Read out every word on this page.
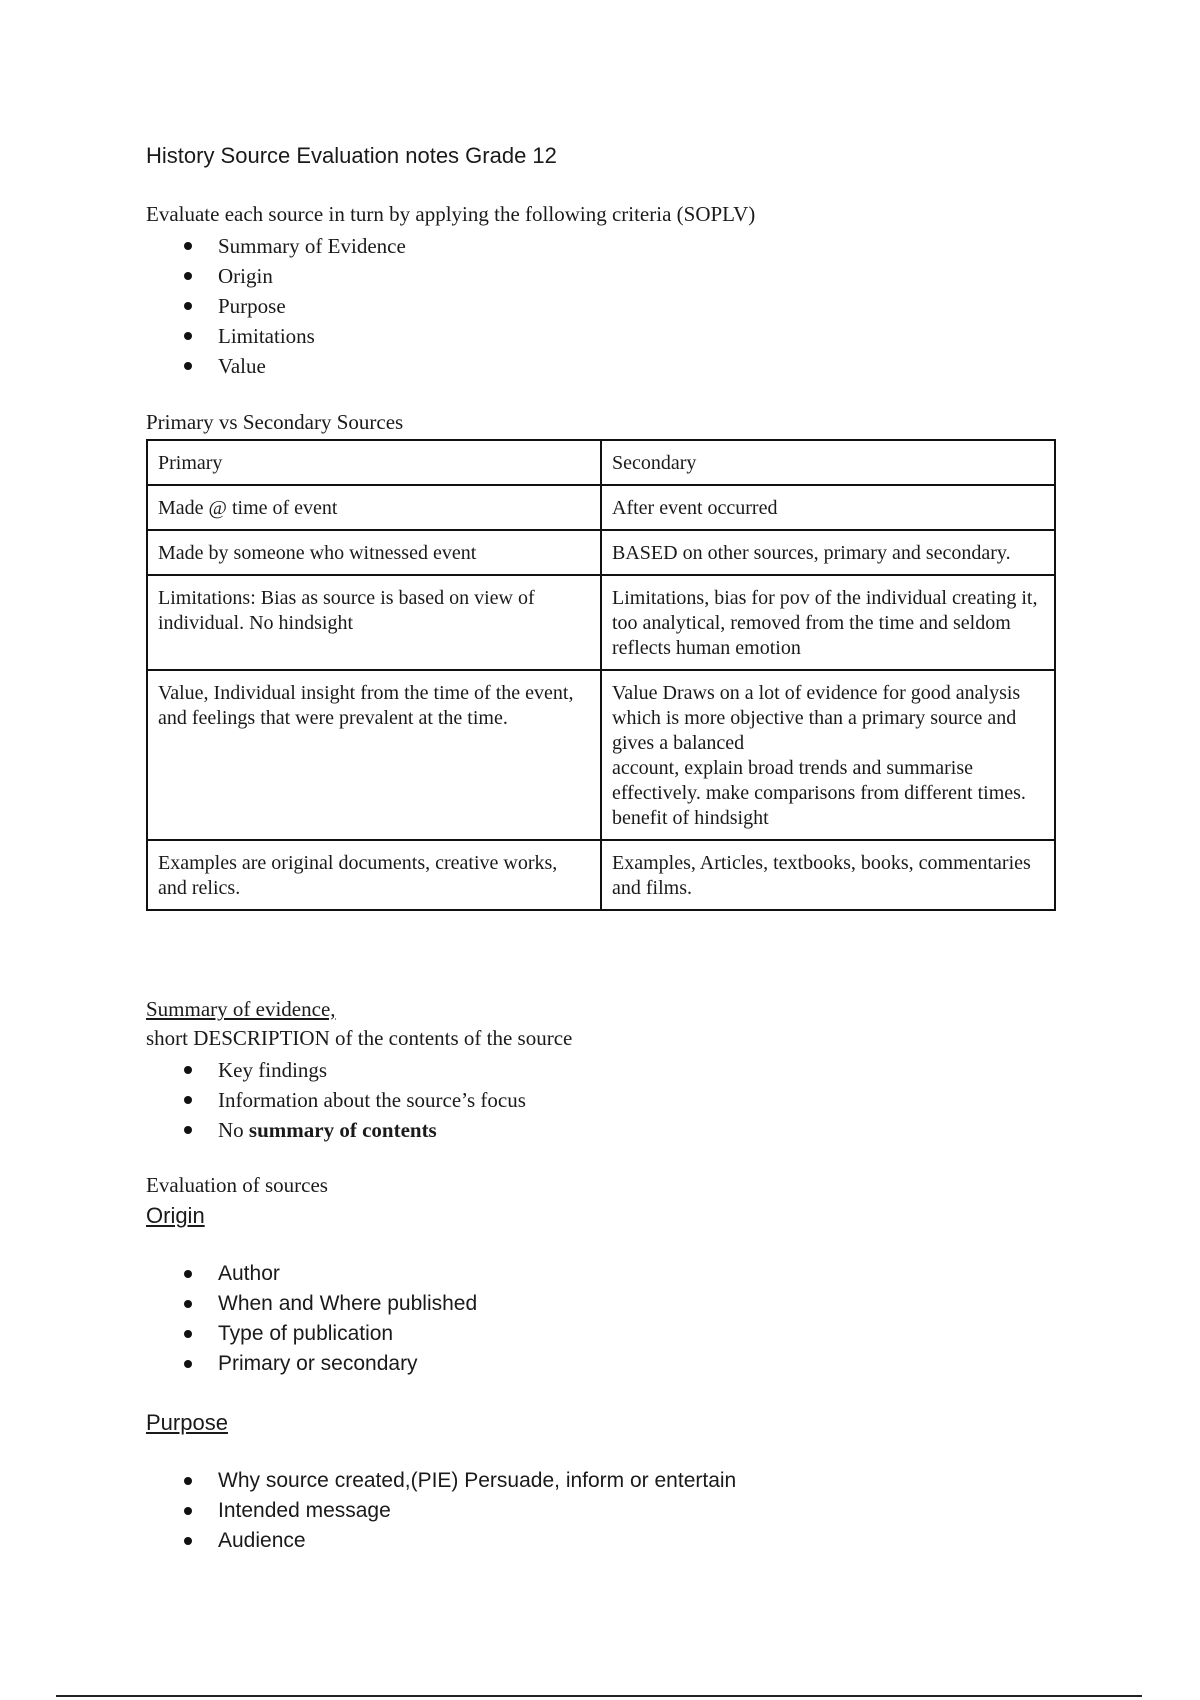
History Source Evaluation notes Grade 12
Evaluate each source in turn by applying the following criteria (SOPLV)
Summary of Evidence
Origin
Purpose
Limitations
Value
Primary vs Secondary Sources
Primary	Secondary
Made @ time of event	After event occurred
Made by someone who witnessed event	BASED on other sources, primary and secondary.
Limitations: Bias as source is based on view of individual. No hindsight	Limitations, bias for pov of the individual creating it, too analytical, removed from the time and seldom reflects human emotion
Value, Individual insight from the time of the event, and feelings that were prevalent at the time.	Value Draws on a lot of evidence for good analysis which is more objective than a primary source and gives a balanced
account, explain broad trends and summarise effectively. make comparisons from different times. benefit of hindsight
Examples are original documents, creative works, and relics.	Examples, Articles, textbooks, books, commentaries and films.
Summary of evidence,
short DESCRIPTION of the contents of the source
Key findings
Information about the source’s focus
No summary of contents
Evaluation of sources
Origin
Author
When and Where published
Type of publication
Primary or secondary
Purpose
Why source created,(PIE) Persuade, inform or entertain
Intended message
Audience
